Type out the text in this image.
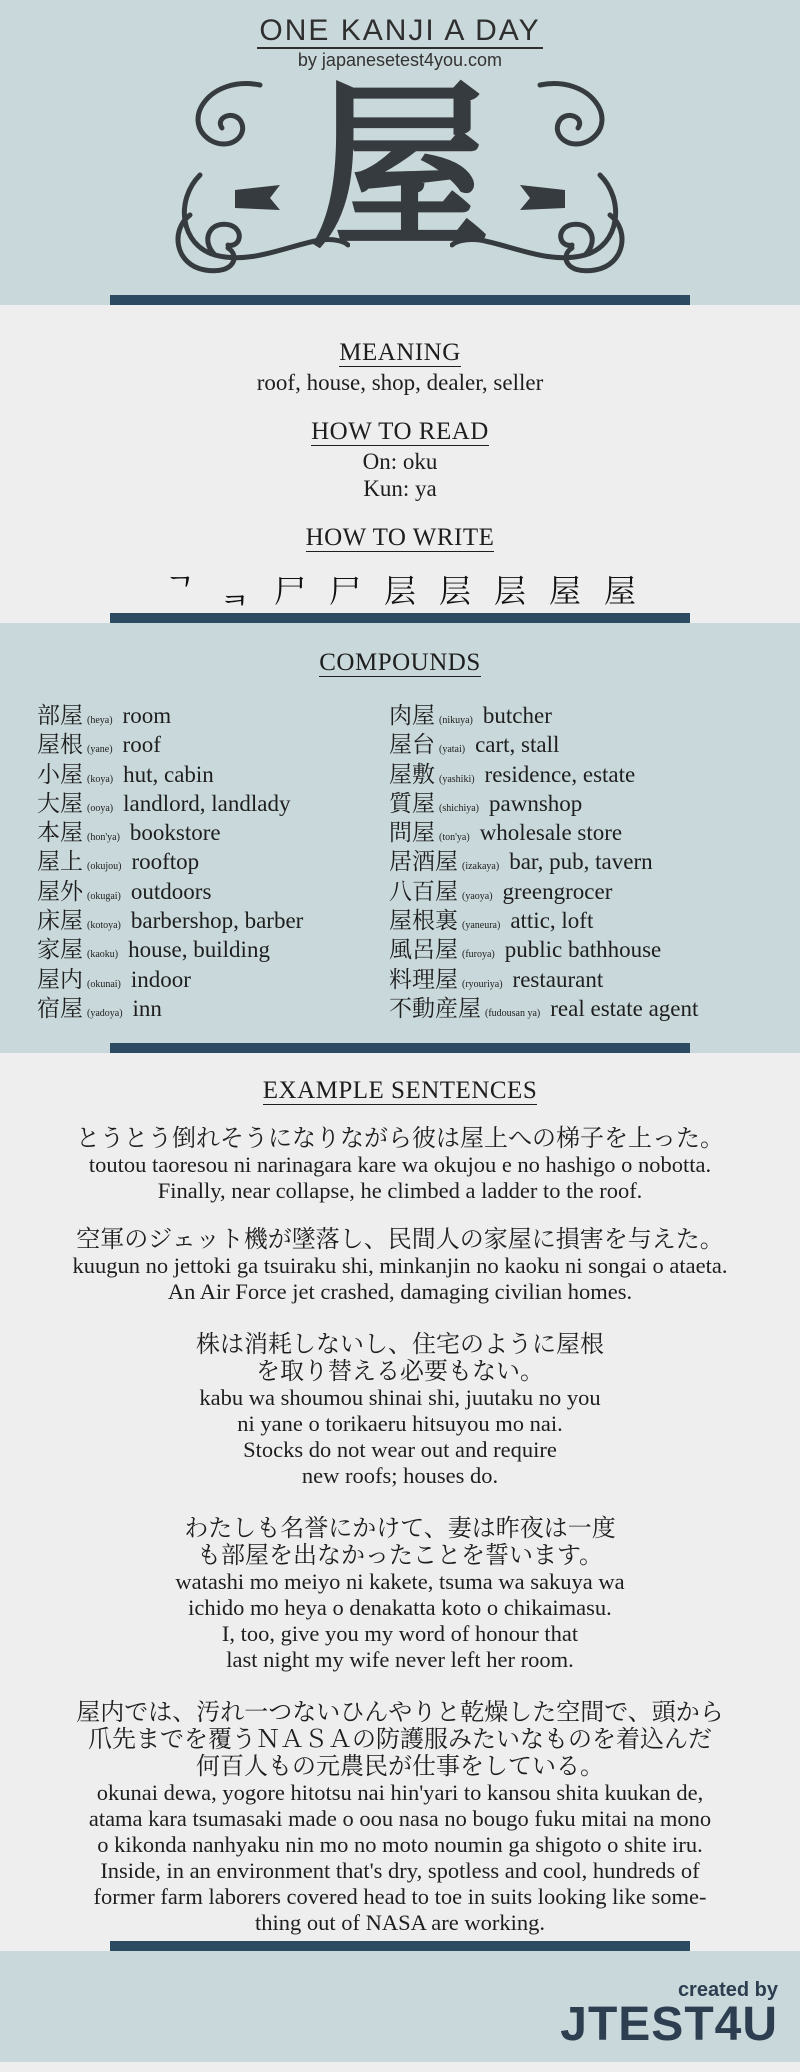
ONE KANJI A DAY
by japanesetest4you.com
屋
MEANING
roof, house, shop, dealer, seller
HOW TO READ
On: oku
Kun: ya
HOW TO WRITE
ᄀ ᆿ 尸 尸 层 层 层 屋 屋
COMPOUNDS
部屋 (heya) room
屋根 (yane) roof
小屋 (koya) hut, cabin
大屋 (ooya) landlord, landlady
本屋 (hon'ya) bookstore
屋上 (okujou) rooftop
屋外 (okugai) outdoors
床屋 (kotoya) barbershop, barber
家屋 (kaoku) house, building
屋内 (okunai) indoor
宿屋 (yadoya) inn
肉屋 (nikuya) butcher
屋台 (yatai) cart, stall
屋敷 (yashiki) residence, estate
質屋 (shichiya) pawnshop
問屋 (ton'ya) wholesale store
居酒屋 (izakaya) bar, pub, tavern
八百屋 (yaoya) greengrocer
屋根裏 (yaneura) attic, loft
風呂屋 (furoya) public bathhouse
料理屋 (ryouriya) restaurant
不動産屋 (fudousan ya) real estate agent
EXAMPLE SENTENCES
とうとう倒れそうになりながら彼は屋上への梯子を上った。
toutou taoresou ni narinagara kare wa okujou e no hashigo o nobotta.
Finally, near collapse, he climbed a ladder to the roof.
空軍のジェット機が墜落し、民間人の家屋に損害を与えた。
kuugun no jettoki ga tsuiraku shi, minkanjin no kaoku ni songai o ataeta.
An Air Force jet crashed, damaging civilian homes.
株は消耗しないし、住宅のように屋根
を取り替える必要もない。
kabu wa shoumou shinai shi, juutaku no you
ni yane o torikaeru hitsuyou mo nai.
Stocks do not wear out and require
new roofs; houses do.
わたしも名誉にかけて、妻は昨夜は一度
も部屋を出なかったことを誓います。
watashi mo meiyo ni kakete, tsuma wa sakuya wa
ichido mo heya o denakatta koto o chikaimasu.
I, too, give you my word of honour that
last night my wife never left her room.
屋内では、汚れ一つないひんやりと乾燥した空間で、頭から
爪先までを覆うＮＡＳＡの防護服みたいなものを着込んだ
何百人もの元農民が仕事をしている。
okunai dewa, yogore hitotsu nai hin'yari to kansou shita kuukan de,
atama kara tsumasaki made o oou nasa no bougo fuku mitai na mono
o kikonda nanhyaku nin mo no moto noumin ga shigoto o shite iru.
Inside, in an environment that's dry, spotless and cool, hundreds of
former farm laborers covered head to toe in suits looking like some-
thing out of NASA are working.
created by
JTEST4U
